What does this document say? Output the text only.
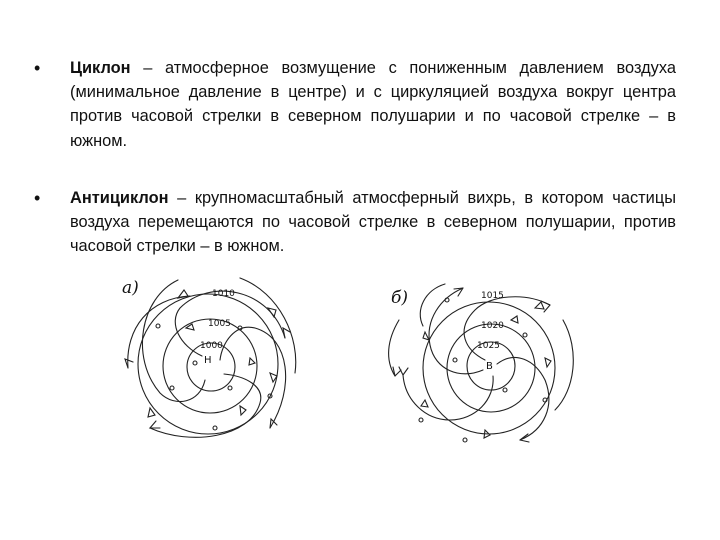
•	Циклон – атмосферное возмущение с пониженным давлением воздуха (минимальное давление в центре) и с циркуляцией воздуха вокруг центра против часовой стрелки в северном полушарии и по часовой стрелке – в южном.
•	Антициклон – крупномасштабный атмосферный вихрь, в котором частицы воздуха перемещаются по часовой стрелке в северном полушарии, против часовой стрелки – в южном.
а)	1010
1005
1000
Н
б)	1015
1020
1025
В
